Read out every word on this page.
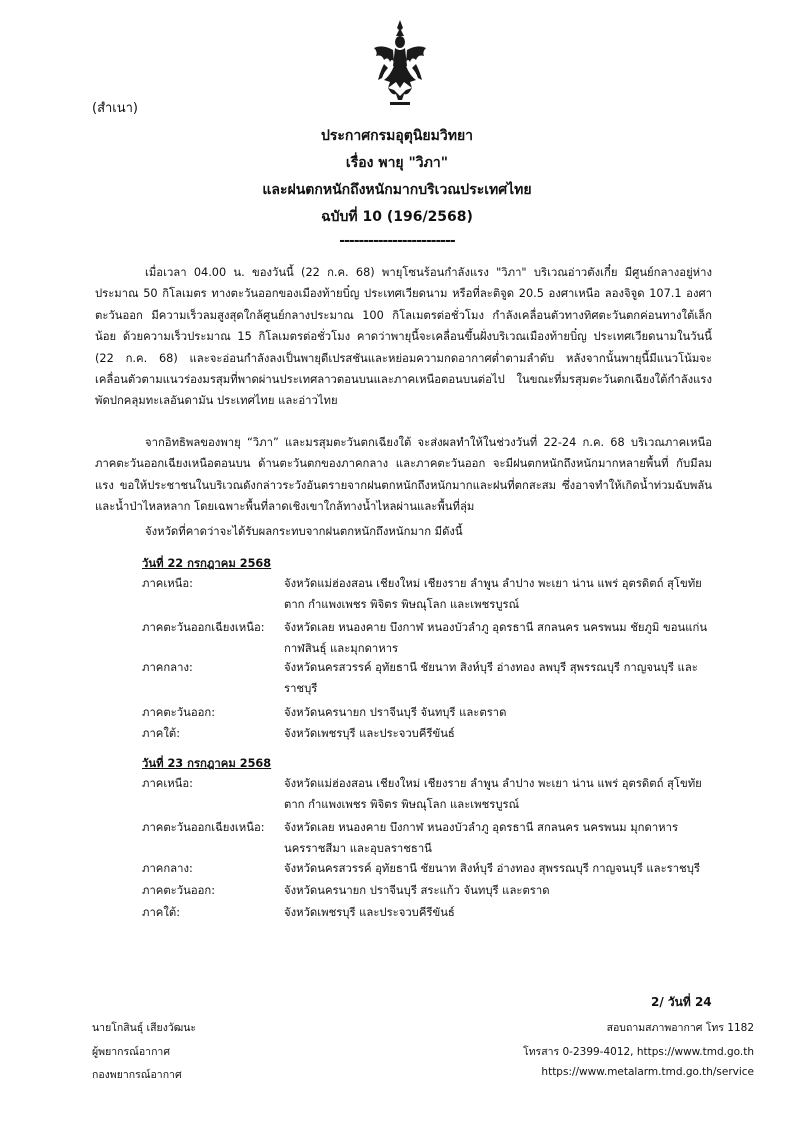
(สำเนา)
ประกาศกรมอุตุนิยมวิทยา
เรื่อง พายุ "วิภา"
และฝนตกหนักถึงหนักมากบริเวณประเทศไทย
ฉบับที่ 10 (196/2568)
------------------------

เมื่อเวลา 04.00 น. ของวันนี้ (22 ก.ค. 68) พายุโซนร้อนกำลังแรง "วิภา" บริเวณอ่าวตังเกี๋ย มีศูนย์กลางอยู่ห่างประมาณ 50 กิโลเมตร ทางตะวันออกของเมืองท้ายบิ๋ญ ประเทศเวียดนาม หรือที่ละติจูด 20.5 องศาเหนือ ลองจิจูด 107.1 องศาตะวันออก มีความเร็วลมสูงสุดใกล้ศูนย์กลางประมาณ 100 กิโลเมตรต่อชั่วโมง กำลังเคลื่อนตัวทางทิศตะวันตกค่อนทางใต้เล็กน้อย ด้วยความเร็วประมาณ 15 กิโลเมตรต่อชั่วโมง คาดว่าพายุนี้จะเคลื่อนขึ้นฝั่งบริเวณเมืองท้ายบิ๋ญ ประเทศเวียดนามในวันนี้ (22 ก.ค. 68) และจะอ่อนกำลังลงเป็นพายุดีเปรสชันและหย่อมความกดอากาศต่ำตามลำดับ หลังจากนั้นพายุนี้มีแนวโน้มจะเคลื่อนตัวตามแนวร่องมรสุมที่พาดผ่านประเทศลาวตอนบนและภาคเหนือตอนบนต่อไป ในขณะที่มรสุมตะวันตกเฉียงใต้กำลังแรงพัดปกคลุมทะเลอันดามัน ประเทศไทย และอ่าวไทย

จากอิทธิพลของพายุ “วิภา” และมรสุมตะวันตกเฉียงใต้ จะส่งผลทำให้ในช่วงวันที่ 22-24 ก.ค. 68 บริเวณภาคเหนือ ภาคตะวันออกเฉียงเหนือตอนบน ด้านตะวันตกของภาคกลาง และภาคตะวันออก จะมีฝนตกหนักถึงหนักมากหลายพื้นที่ กับมีลมแรง ขอให้ประชาชนในบริเวณดังกล่าวระวังอันตรายจากฝนตกหนักถึงหนักมากและฝนที่ตกสะสม ซึ่งอาจทำให้เกิดน้ำท่วมฉับพลันและน้ำป่าไหลหลาก โดยเฉพาะพื้นที่ลาดเชิงเขาใกล้ทางน้ำไหลผ่านและพื้นที่ลุ่ม

จังหวัดที่คาดว่าจะได้รับผลกระทบจากฝนตกหนักถึงหนักมาก มีดังนี้
วันที่ 22 กรกฎาคม 2568
ภาคเหนือ:	จังหวัดแม่ฮ่องสอน เชียงใหม่ เชียงราย ลำพูน ลำปาง พะเยา น่าน แพร่ อุตรดิตถ์ สุโขทัย ตาก กำแพงเพชร พิจิตร พิษณุโลก และเพชรบูรณ์
ภาคตะวันออกเฉียงเหนือ:	จังหวัดเลย หนองคาย บึงกาฬ หนองบัวลำภู อุดรธานี สกลนคร นครพนม ชัยภูมิ ขอนแก่น กาฬสินธุ์ และมุกดาหาร
ภาคกลาง:	จังหวัดนครสวรรค์ อุทัยธานี ชัยนาท สิงห์บุรี อ่างทอง ลพบุรี สุพรรณบุรี กาญจนบุรี และราชบุรี
ภาคตะวันออก:	จังหวัดนครนายก ปราจีนบุรี จันทบุรี และตราด
ภาคใต้:	จังหวัดเพชรบุรี และประจวบคีรีขันธ์
วันที่ 23 กรกฎาคม 2568
ภาคเหนือ:	จังหวัดแม่ฮ่องสอน เชียงใหม่ เชียงราย ลำพูน ลำปาง พะเยา น่าน แพร่ อุตรดิตถ์ สุโขทัย ตาก กำแพงเพชร พิจิตร พิษณุโลก และเพชรบูรณ์
ภาคตะวันออกเฉียงเหนือ:	จังหวัดเลย หนองคาย บึงกาฬ หนองบัวลำภู อุดรธานี สกลนคร นครพนม มุกดาหาร นครราชสีมา และอุบลราชธานี
ภาคกลาง:	จังหวัดนครสวรรค์ อุทัยธานี ชัยนาท สิงห์บุรี อ่างทอง สุพรรณบุรี กาญจนบุรี และราชบุรี
ภาคตะวันออก:	จังหวัดนครนายก ปราจีนบุรี สระแก้ว จันทบุรี และตราด
ภาคใต้:	จังหวัดเพชรบุรี และประจวบคีรีขันธ์
2/ วันที่ 24
นายโกสินธุ์ เสียงวัฒนะ
ผู้พยากรณ์อากาศ
กองพยากรณ์อากาศ
สอบถามสภาพอากาศ โทร 1182
โทรสาร 0-2399-4012, https://www.tmd.go.th
https://www.metalarm.tmd.go.th/service
